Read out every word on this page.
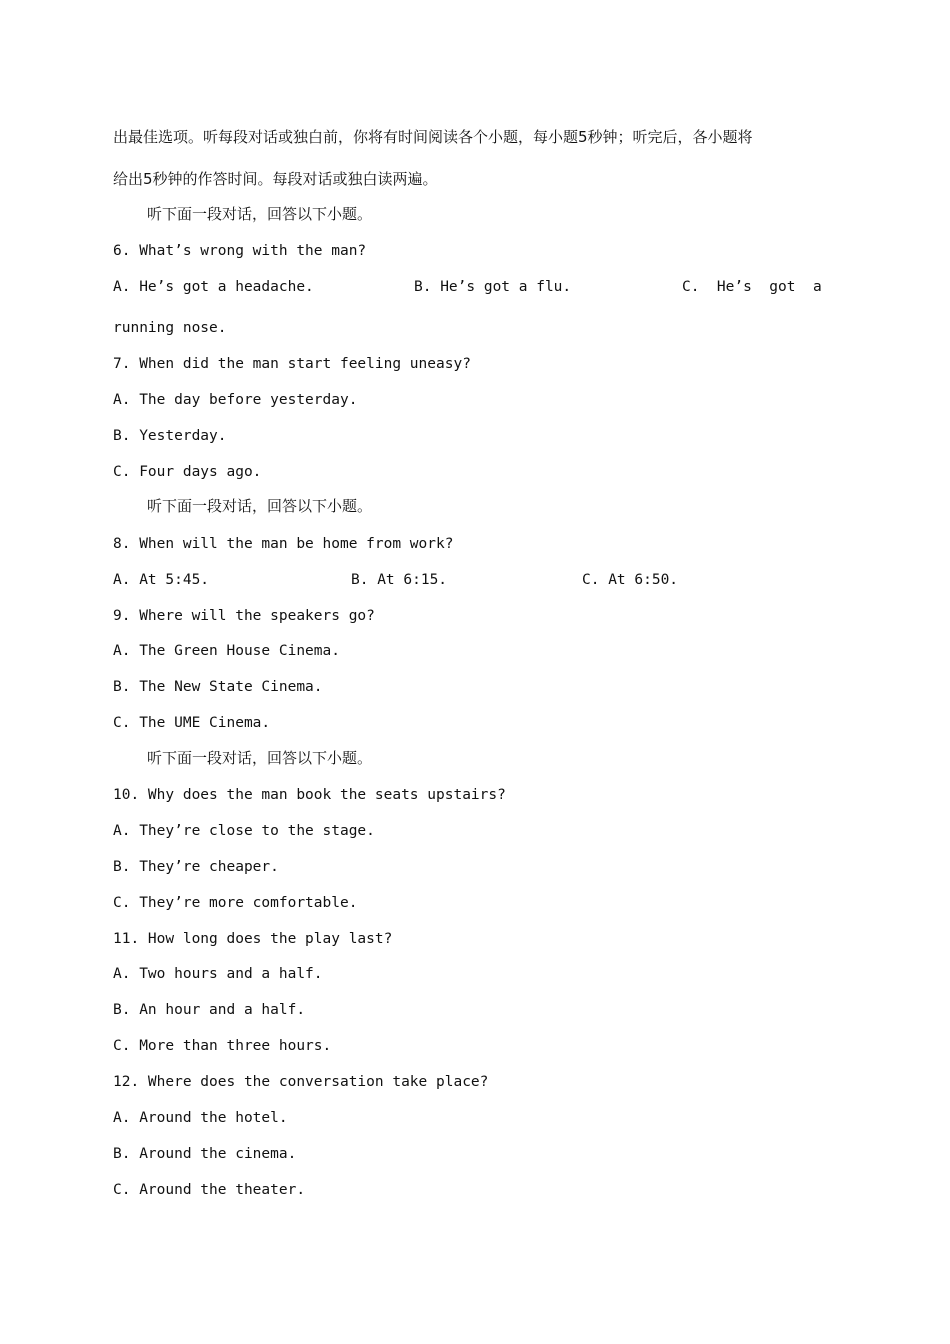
出最佳选项。听每段对话或独白前，你将有时间阅读各个小题，每小题5秒钟；听完后，各小题将
给出5秒钟的作答时间。每段对话或独白读两遍。
听下面一段对话，回答以下小题。
6. What’s wrong with the man?
A. He’s got a headache.	B. He’s got a flu.	C.  He’s  got  a
running nose.
7. When did the man start feeling uneasy?
A. The day before yesterday.
B. Yesterday.
C. Four days ago.
听下面一段对话，回答以下小题。
8. When will the man be home from work?
A. At 5:45.	B. At 6:15.	C. At 6:50.
9. Where will the speakers go?
A. The Green House Cinema.
B. The New State Cinema.
C. The UME Cinema.
听下面一段对话，回答以下小题。
10. Why does the man book the seats upstairs?
A. They’re close to the stage.
B. They’re cheaper.
C. They’re more comfortable.
11. How long does the play last?
A. Two hours and a half.
B. An hour and a half.
C. More than three hours.
12. Where does the conversation take place?
A. Around the hotel.
B. Around the cinema.
C. Around the theater.
